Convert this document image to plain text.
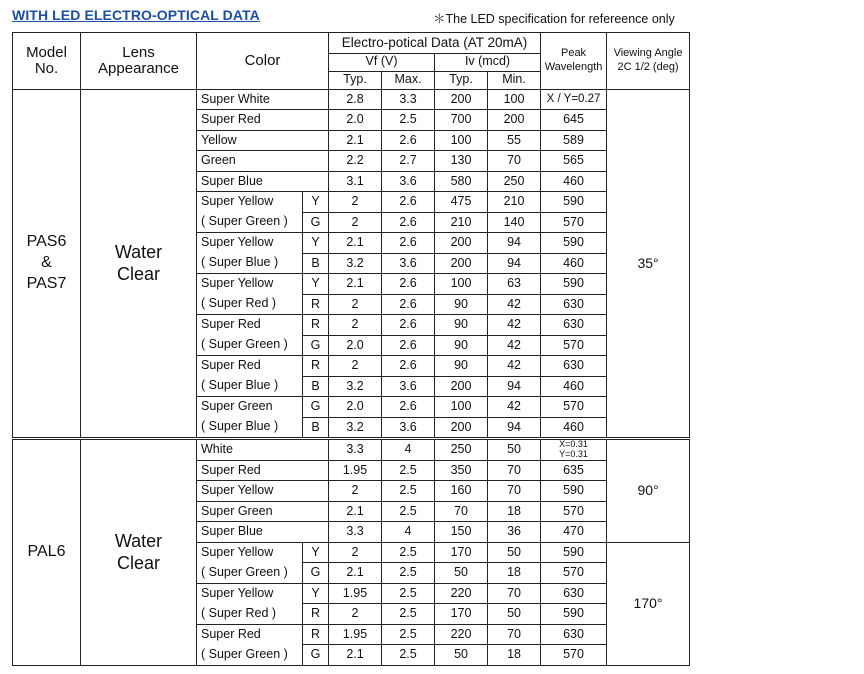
WITH LED ELECTRO-OPTICAL DATA	＊The LED specification for refereence only
Model
No.	Lens
Appearance	Color		Electro-potical Data (AT 20mA)				Peak
Wavelength	Viewing Angle
2C 1/2 (deg)
				Vf (V)		Iv (mcd)			
				Typ.	Max.	Typ.	Min.		
PAS6
&
PAS7	Water
Clear	Super White		2.8	3.3	200	100	X / Y=0.27	35°
		Super Red		2.0	2.5	700	200	645	
		Yellow		2.1	2.6	100	55	589	
		Green		2.2	2.7	130	70	565	
		Super Blue		3.1	3.6	580	250	460	
		Super Yellow	Y	2	2.6	475	210	590	
		( Super Green )	G	2	2.6	210	140	570	
		Super Yellow	Y	2.1	2.6	200	94	590	
		( Super Blue )	B	3.2	3.6	200	94	460	
		Super Yellow	Y	2.1	2.6	100	63	590	
		( Super Red )	R	2	2.6	90	42	630	
		Super Red	R	2	2.6	90	42	630	
		( Super Green )	G	2.0	2.6	90	42	570	
		Super Red	R	2	2.6	90	42	630	
		( Super Blue )	B	3.2	3.6	200	94	460	
		Super Green	G	2.0	2.6	100	42	570	
		( Super Blue )	B	3.2	3.6	200	94	460	
PAL6	Water
Clear	White		3.3	4	250	50	X=0.31
Y=0.31	90°
		Super Red		1.95	2.5	350	70	635	
		Super Yellow		2	2.5	160	70	590	
		Super Green		2.1	2.5	70	18	570	
		Super Blue		3.3	4	150	36	470	
		Super Yellow	Y	2	2.5	170	50	590	170°
		( Super Green )	G	2.1	2.5	50	18	570	
		Super Yellow	Y	1.95	2.5	220	70	630	
		( Super Red )	R	2	2.5	170	50	590	
		Super Red	R	1.95	2.5	220	70	630	
		( Super Green )	G	2.1	2.5	50	18	570	
